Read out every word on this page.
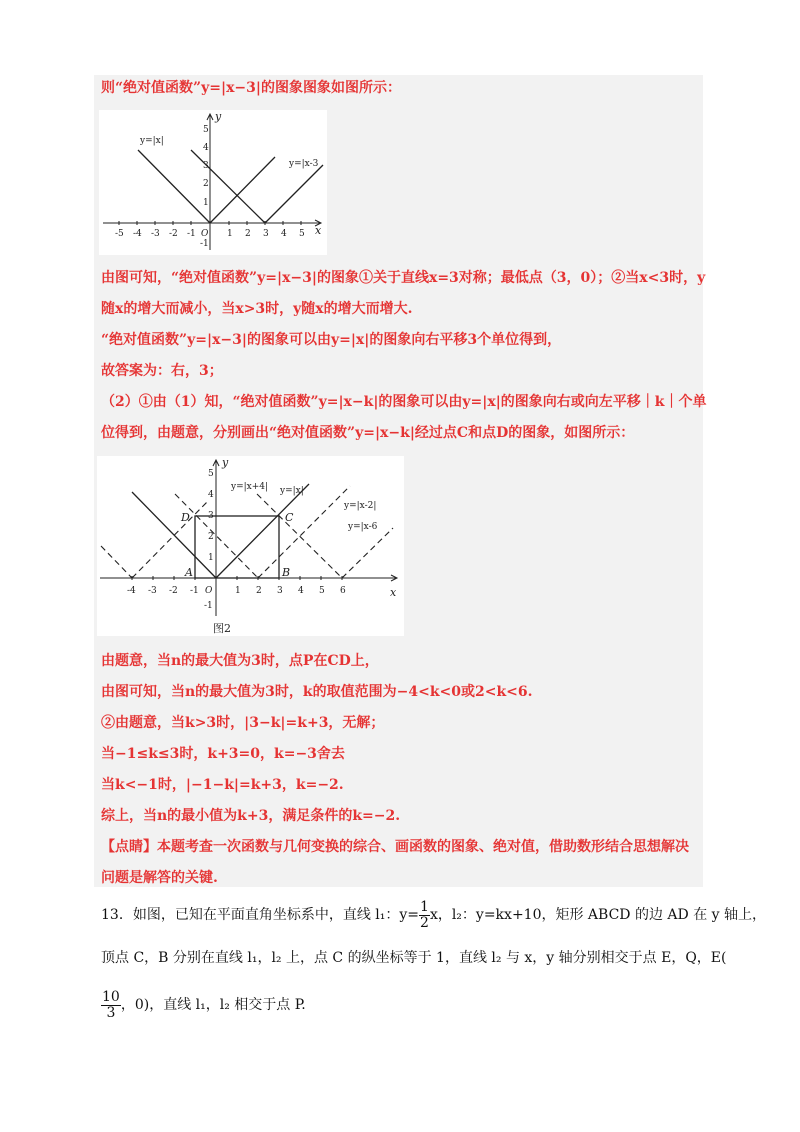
则“绝对值函数”y=|x−3|的图象图象如图所示：
-5 -4 -3 -2 -1 O 1 2 3 4 5
5
4
3
2
1
-1
x
y
y=|x|
y=|x-3
由图可知，“绝对值函数”y=|x−3|的图象①关于直线x=3对称；最低点（3，0）；②当x<3时，y
随x的增大而减小，当x>3时，y随x的增大而增大.
“绝对值函数”y=|x−3|的图象可以由y=|x|的图象向右平移3个单位得到，
故答案为：右，3；
（2）①由（1）知，“绝对值函数”y=|x−k|的图象可以由y=|x|的图象向右或向左平移｜k｜个单
位得到，由题意，分别画出“绝对值函数”y=|x−k|经过点C和点D的图象，如图所示：
-4 -3 -2 -1 O	1 2 3 4 5 6
5
4
3
2
1
-1
x
y
y=|x+4| y=|x|
y=|x-2|
y=|x-6
D	C
A	B
图2
由题意，当n的最大值为3时，点P在CD上，
由图可知，当n的最大值为3时，k的取值范围为−4<k<0或2<k<6.
②由题意，当k>3时，|3−k|=k+3，无解；
当−1≤k≤3时，k+3=0，k=−3舍去
当k<−1时，|−1−k|=k+3，k=−2.
综上，当n的最小值为k+3，满足条件的k=−2.
【点睛】本题考查一次函数与几何变换的综合、画函数的图象、绝对值，借助数形结合思想解决
问题是解答的关键.
13．如图，已知在平面直角坐标系中，直线 l₁：$y= \frac{1}{2}$ x，l₂：y=kx+10，矩形 ABCD 的边 AD 在 y 轴上，
顶点 C，B 分别在直线 l₁，l₂ 上，点 C 的纵坐标等于 1，直线 l₂ 与 x，y 轴分别相交于点 E，Q，E(
$\frac{10}{3}$ ，0)，直线 l₁，l₂ 相交于点 P.
